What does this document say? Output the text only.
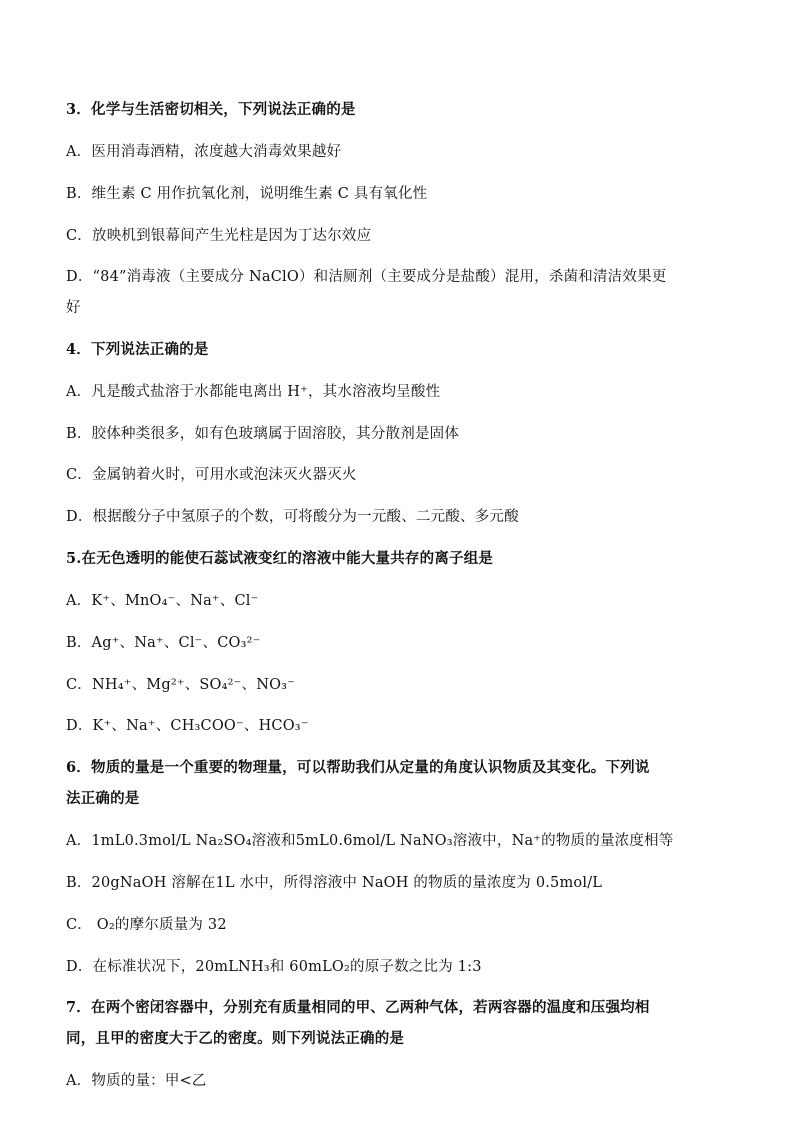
3．化学与生活密切相关，下列说法正确的是
A．医用消毒酒精，浓度越大消毒效果越好
B．维生素 C 用作抗氧化剂，说明维生素 C 具有氧化性
C．放映机到银幕间产生光柱是因为丁达尔效应
D．“84”消毒液（主要成分 NaClO）和洁厕剂（主要成分是盐酸）混用，杀菌和清洁效果更
好
4．下列说法正确的是
A．凡是酸式盐溶于水都能电离出 H⁺，其水溶液均呈酸性
B．胶体种类很多，如有色玻璃属于固溶胶，其分散剂是固体
C．金属钠着火时，可用水或泡沫灭火器灭火
D．根据酸分子中氢原子的个数，可将酸分为一元酸、二元酸、多元酸
5.在无色透明的能使石蕊试液变红的溶液中能大量共存的离子组是
A．K⁺、MnO₄⁻、Na⁺、Cl⁻
B．Ag⁺、Na⁺、Cl⁻、CO₃²⁻
C．NH₄⁺、Mg²⁺、SO₄²⁻、NO₃⁻
D．K⁺、Na⁺、CH₃COO⁻、HCO₃⁻
6．物质的量是一个重要的物理量，可以帮助我们从定量的角度认识物质及其变化。下列说
法正确的是
A．1mL0.3mol/L Na₂SO₄溶液和5mL0.6mol/L NaNO₃溶液中，Na⁺的物质的量浓度相等
B．20gNaOH 溶解在1L 水中，所得溶液中 NaOH 的物质的量浓度为 0.5mol/L
C． O₂的摩尔质量为 32
D．在标准状况下，20mLNH₃和 60mLO₂的原子数之比为 1:3
7．在两个密闭容器中，分别充有质量相同的甲、乙两种气体，若两容器的温度和压强均相
同，且甲的密度大于乙的密度。则下列说法正确的是
A．物质的量：甲<乙
